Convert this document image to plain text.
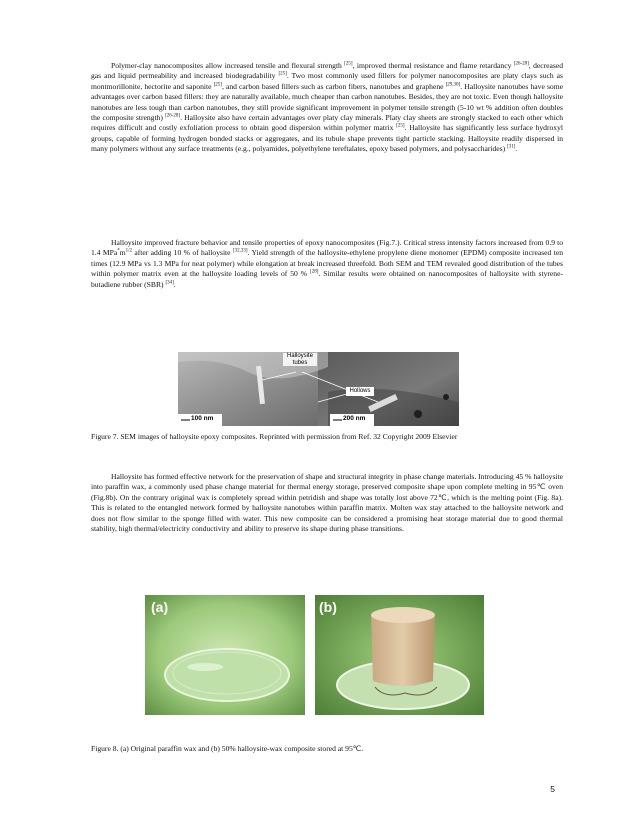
Polymer-clay nanocomposites allow increased tensile and flexural strength [25], improved thermal resistance and flame retardancy [26-28], decreased gas and liquid permeability and increased biodegradability [25]. Two most commonly used fillers for polymer nanocomposites are platy clays such as montmorillonite, hectorite and saponite [25], and carbon based fillers such as carbon fibers, nanotubes and graphene [29,30]. Halloysite nanotubes have some advantages over carbon based fillers: they are naturally available, much cheaper than carbon nanotubes. Besides, they are not toxic. Even though halloysite nanotubes are less tough than carbon nanotubes, they still provide significant improvement in polymer tensile strength (5-10 wt % addition often doubles the composite strength) [26-28]. Halloysite also have certain advantages over platy clay minerals. Platy clay sheets are strongly stacked to each other which requires difficult and costly exfoliation process to obtain good dispersion within polymer matrix [25]. Halloysite has significantly less surface hydroxyl groups, capable of forming hydrogen bonded stacks or aggregates, and its tubule shape prevents tight particle stacking. Halloysite readily dispersed in many polymers without any surface treatments (e.g., polyamides, polyethylene tereftalates, epoxy based polymers, and polysaccharides) [31].

Halloysite improved fracture behavior and tensile properties of epoxy nanocomposites (Fig.7.). Critical stress intensity factors increased from 0.9 to 1.4 $MPa^*m^{1/2}$ after adding 10 % of halloysite [32,33]. Yield strength of the halloysite-ethylene propylene diene monomer (EPDM) composite increased ten times (12.9 MPa vs 1.3 MPa for neat polymer) while elongation at break increased threefold. Both SEM and TEM revealed good distribution of the tubes within polymer matrix even at the halloysite loading levels of 50 % [28]. Similar results were obtained on nanocomposites of halloysite with styrene-butadiene rubber (SBR) [34].

Halloysite tubes
Hollows
100 nm	200 nm

Figure 7. SEM images of halloysite epoxy composites. Reprinted with permission from Ref. 32 Copyright 2009 Elsevier

Halloysite has formed effective network for the preservation of shape and structural integrity in phase change materials. Introducing 45 % halloysite into paraffin wax, a commonly used phase change material for thermal energy storage, preserved composite shape upon complete melting in 95℃ oven (Fig.8b). On the contrary original wax is completely spread within petridish and shape was totally lost above 72℃, which is the melting point (Fig. 8a). This is related to the entangled network formed by halloysite nanotubes within paraffin matrix. Molten wax stay attached to the halloysite network and does not flow similar to the sponge filled with water. This new composite can be considered a promising heat storage material due to good thermal stability, high thermal/electricity conductivity and ability to preserve its shape during phase transitions.

(a)	(b)

Figure 8. (a) Original paraffin wax and (b) 50% halloysite-wax composite stored at 95℃.

5
